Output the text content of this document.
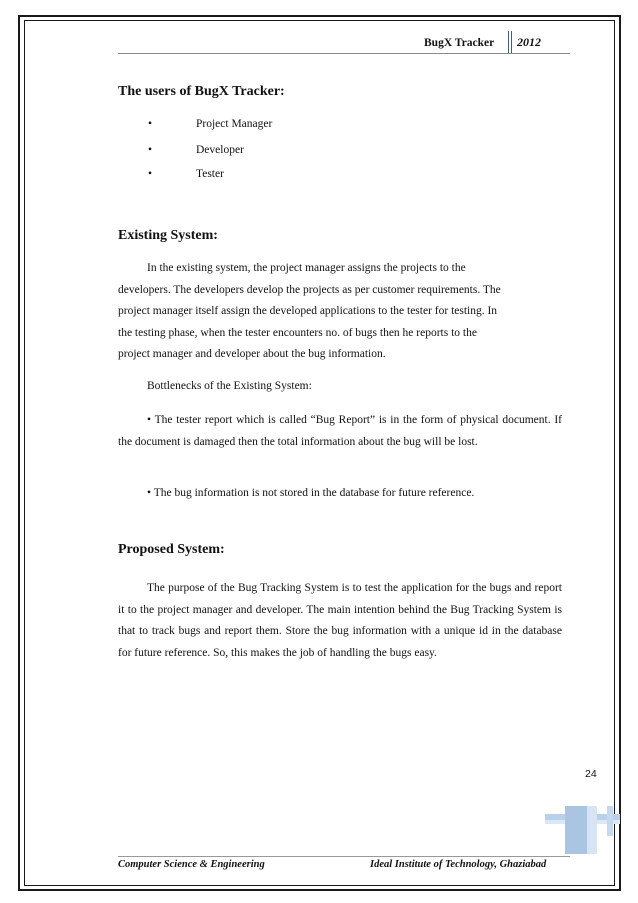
BugX Tracker 2012
The users of BugX Tracker:
•	Project Manager
•	Developer
•	Tester
Existing System:
In the existing system, the project manager assigns the projects to the
developers. The developers develop the projects as per customer requirements. The
project manager itself assign the developed applications to the tester for testing. In
the testing phase, when the tester encounters no. of bugs then he reports to the
project manager and developer about the bug information.
Bottlenecks of the Existing System:
• The tester report which is called “Bug Report” is in the form of physical document. If the document is damaged then the total information about the bug will be lost.
• The bug information is not stored in the database for future reference.
Proposed System:
The purpose of the Bug Tracking System is to test the application for the bugs and report it to the project manager and developer. The main intention behind the Bug Tracking System is that to track bugs and report them. Store the bug information with a unique id in the database for future reference. So, this makes the job of handling the bugs easy.
24
Computer Science & Engineering	Ideal Institute of Technology, Ghaziabad
